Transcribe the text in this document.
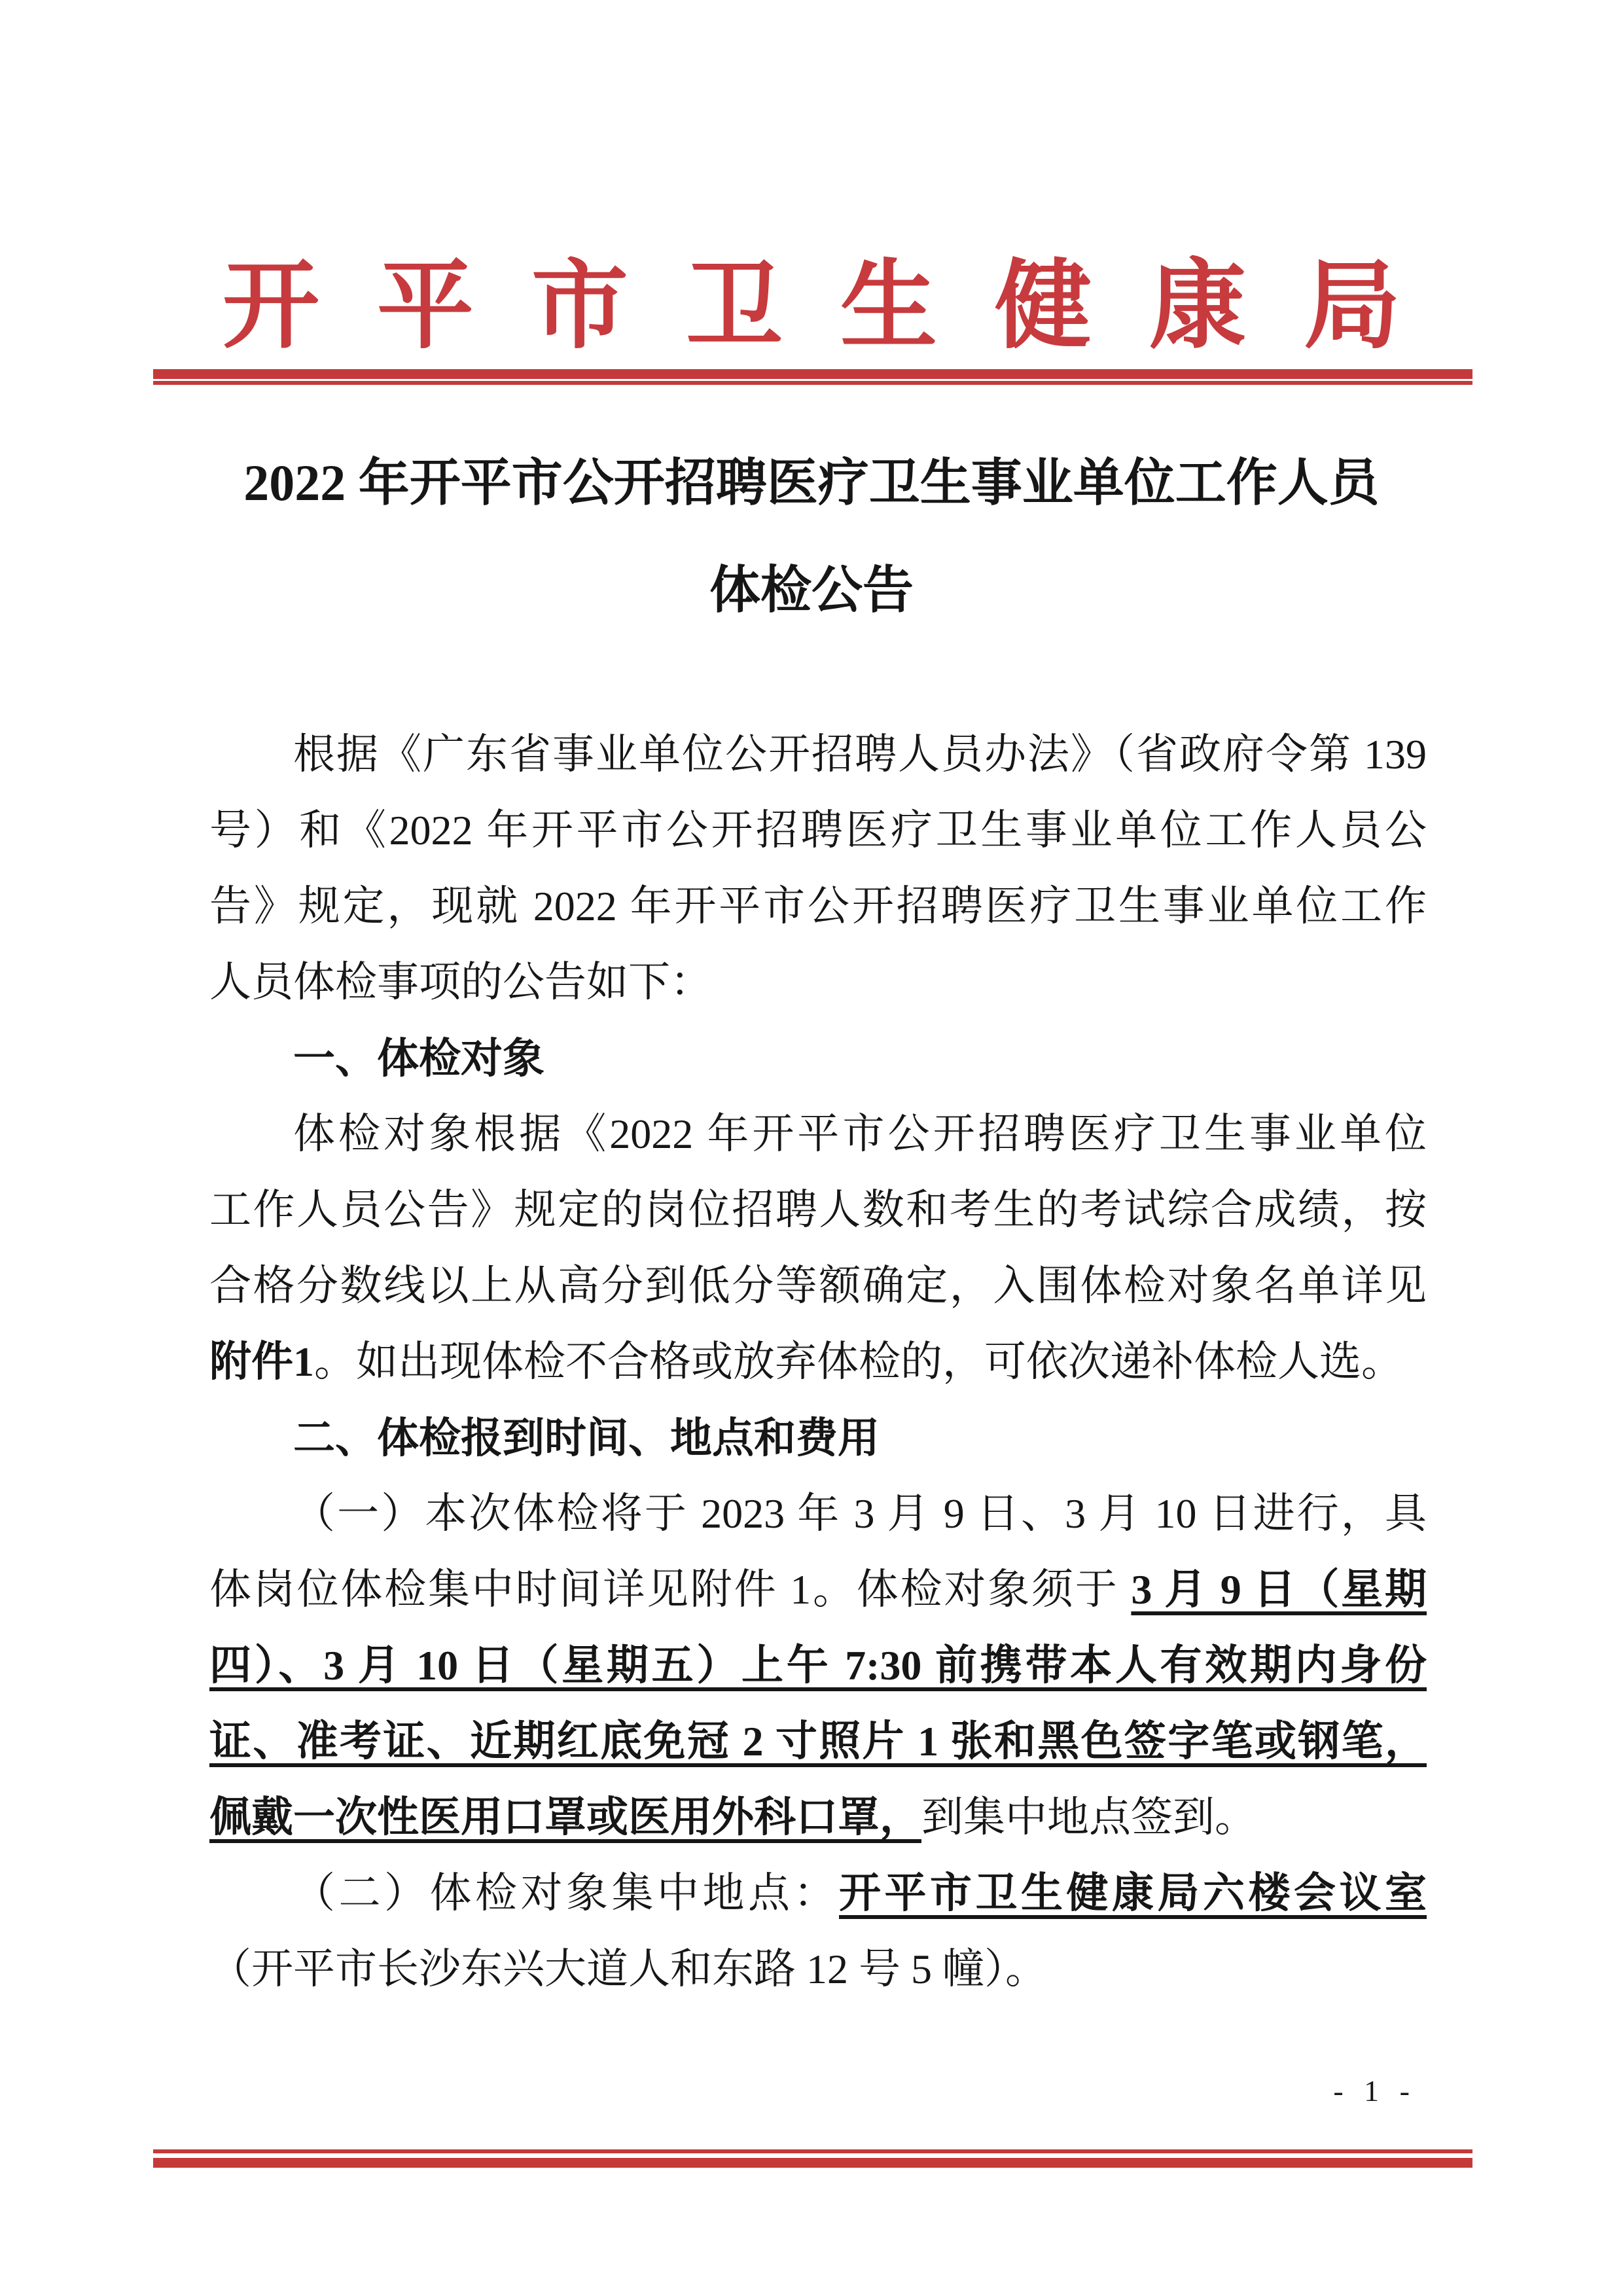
开平市卫生健康局
2022 年开平市公开招聘医疗卫生事业单位工作人员
体检公告
根据《广东省事业单位公开招聘人员办法》（省政府令第 139
号）和《2022 年开平市公开招聘医疗卫生事业单位工作人员公
告》规定，现就 2022 年开平市公开招聘医疗卫生事业单位工作
人员体检事项的公告如下：
一、体检对象
体检对象根据《2022 年开平市公开招聘医疗卫生事业单位
工作人员公告》规定的岗位招聘人数和考生的考试综合成绩，按
合格分数线以上从高分到低分等额确定，入围体检对象名单详见
附件1。如出现体检不合格或放弃体检的，可依次递补体检人选。
二、体检报到时间、地点和费用
（一）本次体检将于 2023 年 3 月 9 日、3 月 10 日进行，具
体岗位体检集中时间详见附件 1。体检对象须于 3 月 9 日（星期
四）、3 月 10 日（星期五）上午 7:30 前携带本人有效期内身份
证、准考证、近期红底免冠 2 寸照片 1 张和黑色签字笔或钢笔，
佩戴一次性医用口罩或医用外科口罩，到集中地点签到。
（二）体检对象集中地点：开平市卫生健康局六楼会议室
（开平市长沙东兴大道人和东路 12 号 5 幢）。
- 1 -
